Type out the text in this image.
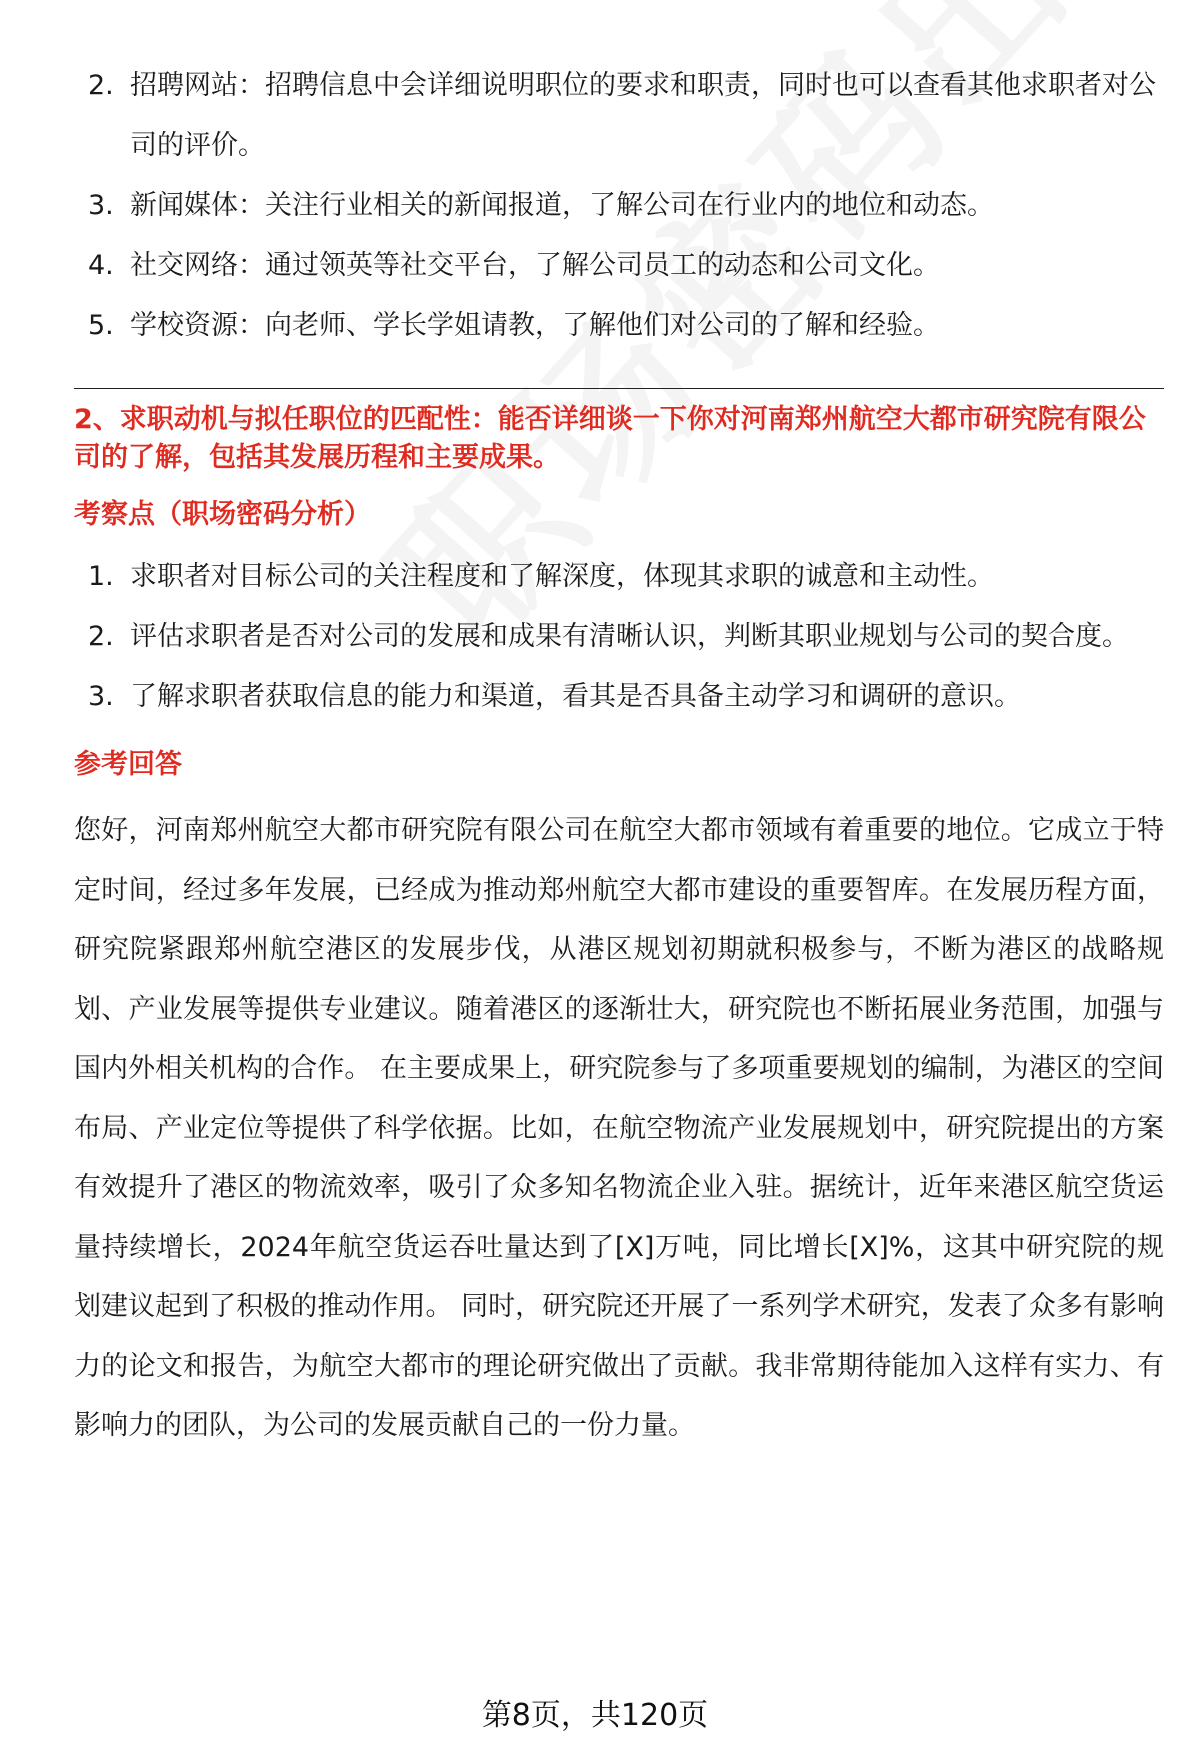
2. 招聘网站：招聘信息中会详细说明职位的要求和职责，同时也可以查看其他求职者对公司的评价。
3. 新闻媒体：关注行业相关的新闻报道，了解公司在行业内的地位和动态。
4. 社交网络：通过领英等社交平台，了解公司员工的动态和公司文化。
5. 学校资源：向老师、学长学姐请教，了解他们对公司的了解和经验。
2、求职动机与拟任职位的匹配性：能否详细谈一下你对河南郑州航空大都市研究院有限公司的了解，包括其发展历程和主要成果。
考察点（职场密码分析）
1. 求职者对目标公司的关注程度和了解深度，体现其求职的诚意和主动性。
2. 评估求职者是否对公司的发展和成果有清晰认识，判断其职业规划与公司的契合度。
3. 了解求职者获取信息的能力和渠道，看其是否具备主动学习和调研的意识。
参考回答
您好，河南郑州航空大都市研究院有限公司在航空大都市领域有着重要的地位。它成立于特定时间，经过多年发展，已经成为推动郑州航空大都市建设的重要智库。在发展历程方面，研究院紧跟郑州航空港区的发展步伐，从港区规划初期就积极参与，不断为港区的战略规划、产业发展等提供专业建议。随着港区的逐渐壮大，研究院也不断拓展业务范围，加强与国内外相关机构的合作。 在主要成果上，研究院参与了多项重要规划的编制，为港区的空间布局、产业定位等提供了科学依据。比如，在航空物流产业发展规划中，研究院提出的方案有效提升了港区的物流效率，吸引了众多知名物流企业入驻。据统计，近年来港区航空货运量持续增长，2024年航空货运吞吐量达到了[X]万吨，同比增长[X]%，这其中研究院的规划建议起到了积极的推动作用。 同时，研究院还开展了一系列学术研究，发表了众多有影响力的论文和报告，为航空大都市的理论研究做出了贡献。我非常期待能加入这样有实力、有影响力的团队，为公司的发展贡献自己的一份力量。
第8页，共120页
